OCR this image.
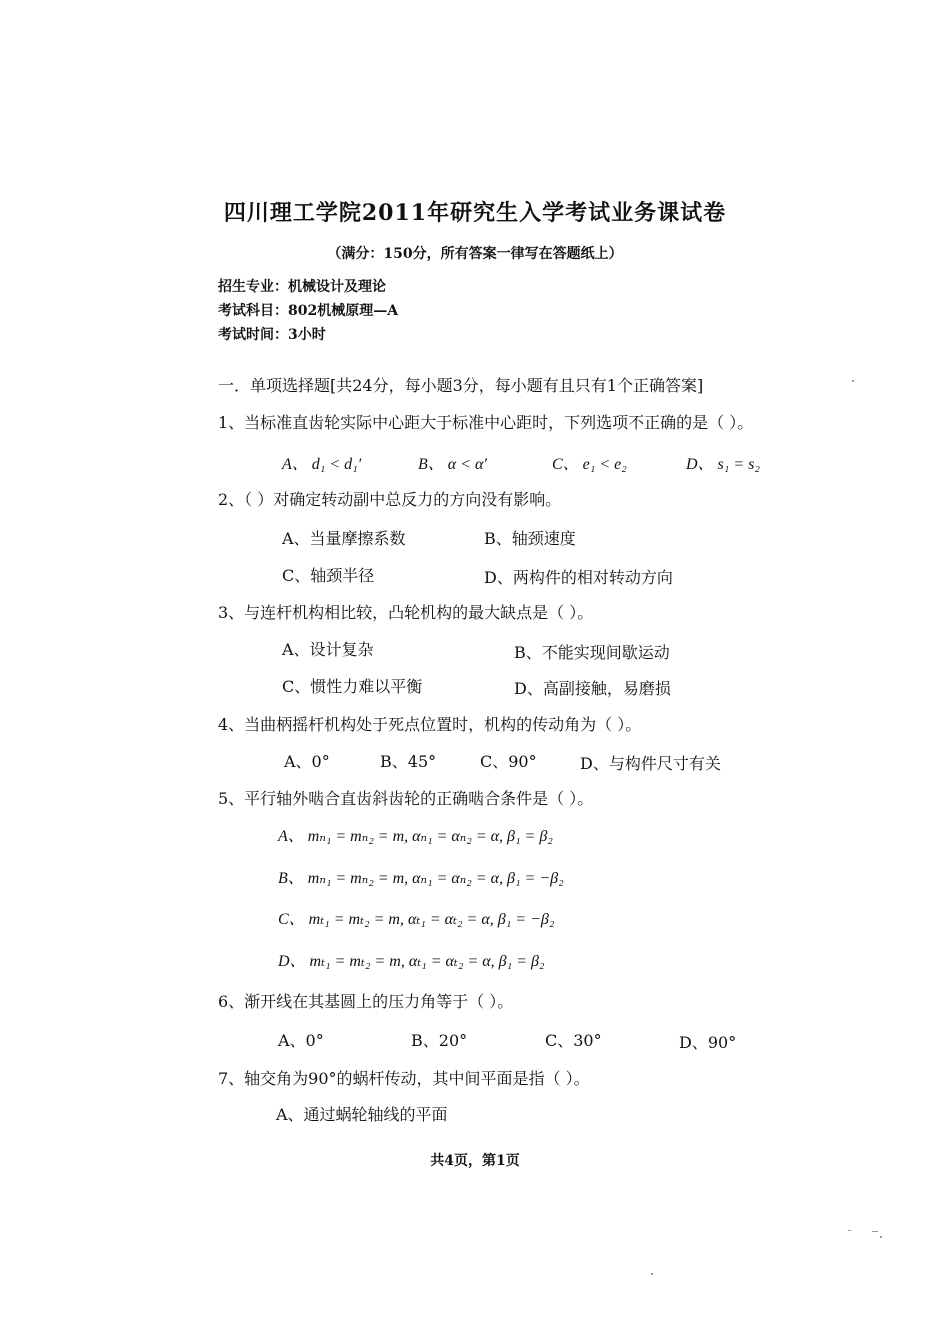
四川理工学院2011年研究生入学考试业务课试卷
（满分：150分，所有答案一律写在答题纸上）
招生专业：机械设计及理论
考试科目：802机械原理—A
考试时间：3小时
一．单项选择题[共24分，每小题3分，每小题有且只有1个正确答案]
1、当标准直齿轮实际中心距大于标准中心距时，下列选项不正确的是（ ）。
A、 d₁ < d₁′	B、 α < α′	C、 e₁ < e₂	D、 s₁ = s₂
2、（ ）对确定转动副中总反力的方向没有影响。
A、当量摩擦系数	B、轴颈速度
C、轴颈半径	D、两构件的相对转动方向
3、与连杆机构相比较，凸轮机构的最大缺点是（ ）。
A、设计复杂	B、不能实现间歇运动
C、惯性力难以平衡	D、高副接触，易磨损
4、当曲柄摇杆机构处于死点位置时，机构的传动角为（ ）。
A、0°	B、45°	C、90°	D、与构件尺寸有关
5、平行轴外啮合直齿斜齿轮的正确啮合条件是（ ）。
A、 mₙ₁ = mₙ₂ = m, αₙ₁ = αₙ₂ = α, β₁ = β₂
B、 mₙ₁ = mₙ₂ = m, αₙ₁ = αₙ₂ = α, β₁ = −β₂
C、 mₜ₁ = mₜ₂ = m, αₜ₁ = αₜ₂ = α, β₁ = −β₂
D、 mₜ₁ = mₜ₂ = m, αₜ₁ = αₜ₂ = α, β₁ = β₂
6、渐开线在其基圆上的压力角等于（ ）。
A、0°	B、20°	C、30°	D、90°
7、轴交角为90°的蜗杆传动，其中间平面是指（ ）。
A、通过蜗轮轴线的平面
共4页，第1页
